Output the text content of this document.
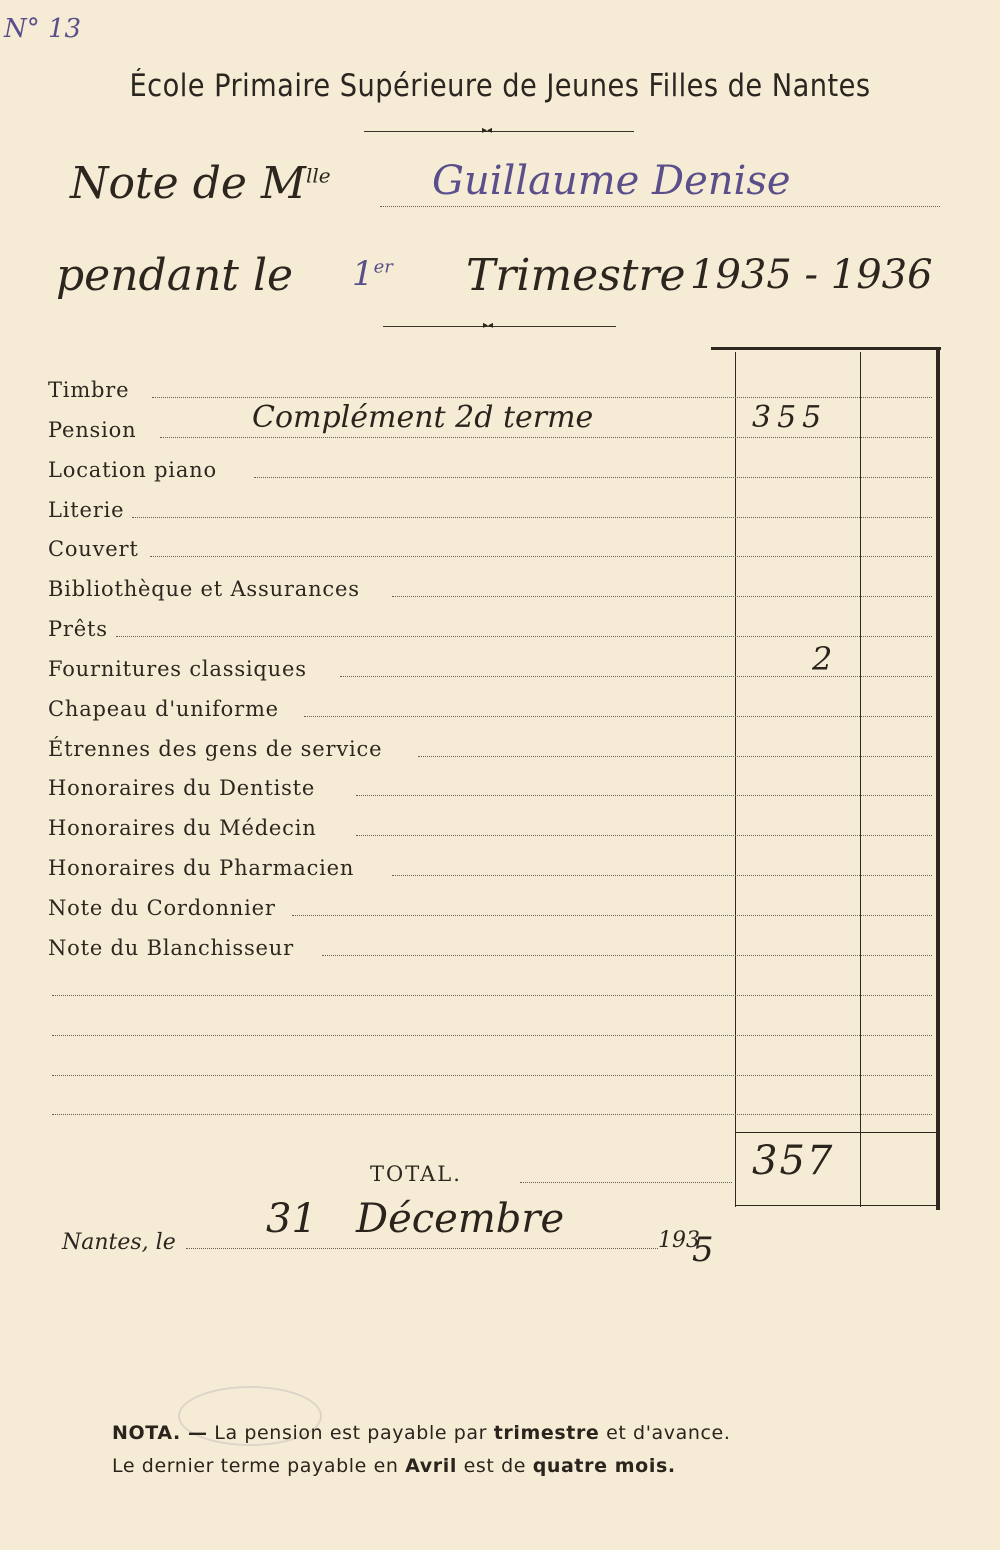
N° 13
École Primaire Supérieure de Jeunes Filles de Nantes
▸◂
Note de $M^{lle}$	Guillaume Denise
pendant le 1er Trimestre 1935 - 1936
▸◂
Timbre
Pension	Complément 2d terme	355
Location piano
Literie
Couvert
Bibliothèque et Assurances
Prêts
Fournitures classiques	2
Chapeau d'uniforme
Étrennes des gens de service
Honoraires du Dentiste
Honoraires du Médecin
Honoraires du Pharmacien
Note du Cordonnier
Note du Blanchisseur
TOTAL.	357
Nantes, le
31 Décembre	193
5
NOTA. — La pension est payable par trimestre et d'avance.
Le dernier terme payable en Avril est de quatre mois.
